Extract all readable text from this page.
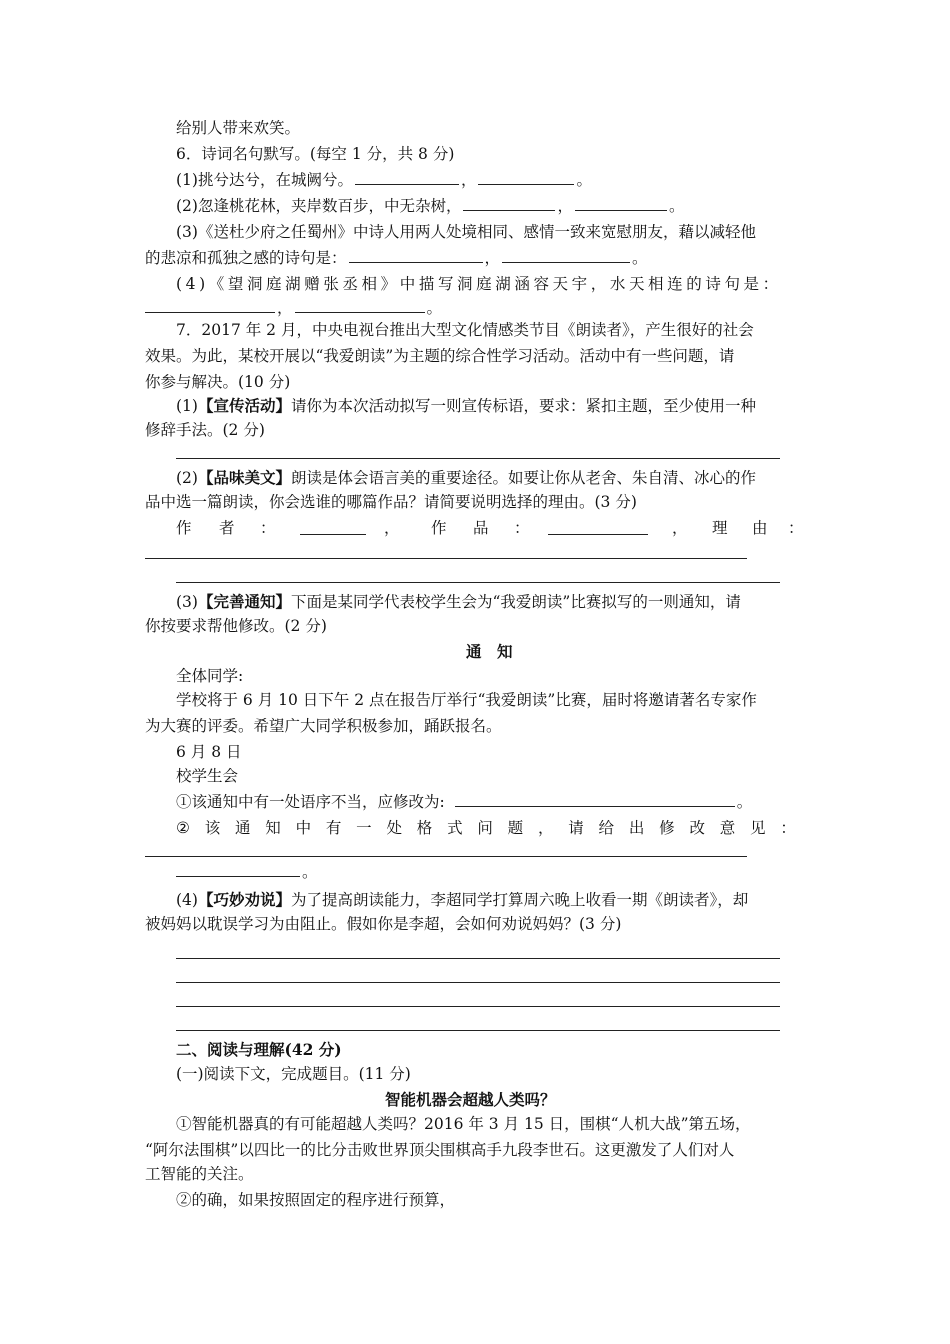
给别人带来欢笑。
6．诗词名句默写。(每空 1 分，共 8 分)
(1)挑兮达兮，在城阙兮。	，	。
(2)忽逢桃花林，夹岸数百步，中无杂树，	，	。
(3)《送杜少府之任蜀州》中诗人用两人处境相同、感情一致来宽慰朋友，藉以减轻他
的悲凉和孤独之感的诗句是：	，	。
(4)《望洞庭湖赠张丞相》中描写洞庭湖涵容天宇，水天相连的诗句是：
，	。
7．2017 年 2 月，中央电视台推出大型文化情感类节目《朗读者》，产生很好的社会
效果。为此，某校开展以“我爱朗读”为主题的综合性学习活动。活动中有一些问题，请
你参与解决。(10 分)
(1)【宣传活动】请你为本次活动拟写一则宣传标语，要求：紧扣主题，至少使用一种
修辞手法。(2 分)
(2)【品味美文】朗读是体会语言美的重要途径。如要让你从老舍、朱自清、冰心的作
品中选一篇朗读，你会选谁的哪篇作品？请简要说明选择的理由。(3 分)
作 者 ：	， 作 品 ：	， 理 由 ：
(3)【完善通知】下面是某同学代表校学生会为“我爱朗读”比赛拟写的一则通知，请
你按要求帮他修改。(2 分)
通　知
全体同学:
学校将于 6 月 10 日下午 2 点在报告厅举行“我爱朗读”比赛，届时将邀请著名专家作
为大赛的评委。希望广大同学积极参加，踊跃报名。
6 月 8 日
校学生会
①该通知中有一处语序不当，应修改为:	。
② 该 通 知 中 有 一 处 格 式 问 题 ， 请 给 出 修 改 意 见 ：
。
(4)【巧妙劝说】为了提高朗读能力，李超同学打算周六晚上收看一期《朗读者》，却
被妈妈以耽误学习为由阻止。假如你是李超，会如何劝说妈妈？(3 分)
二、阅读与理解(42 分)
(一)阅读下文，完成题目。(11 分)
智能机器会超越人类吗？
①智能机器真的有可能超越人类吗？2016 年 3 月 15 日，围棋“人机大战”第五场，
“阿尔法围棋”以四比一的比分击败世界顶尖围棋高手九段李世石。这更激发了人们对人
工智能的关注。
②的确，如果按照固定的程序进行预算，
